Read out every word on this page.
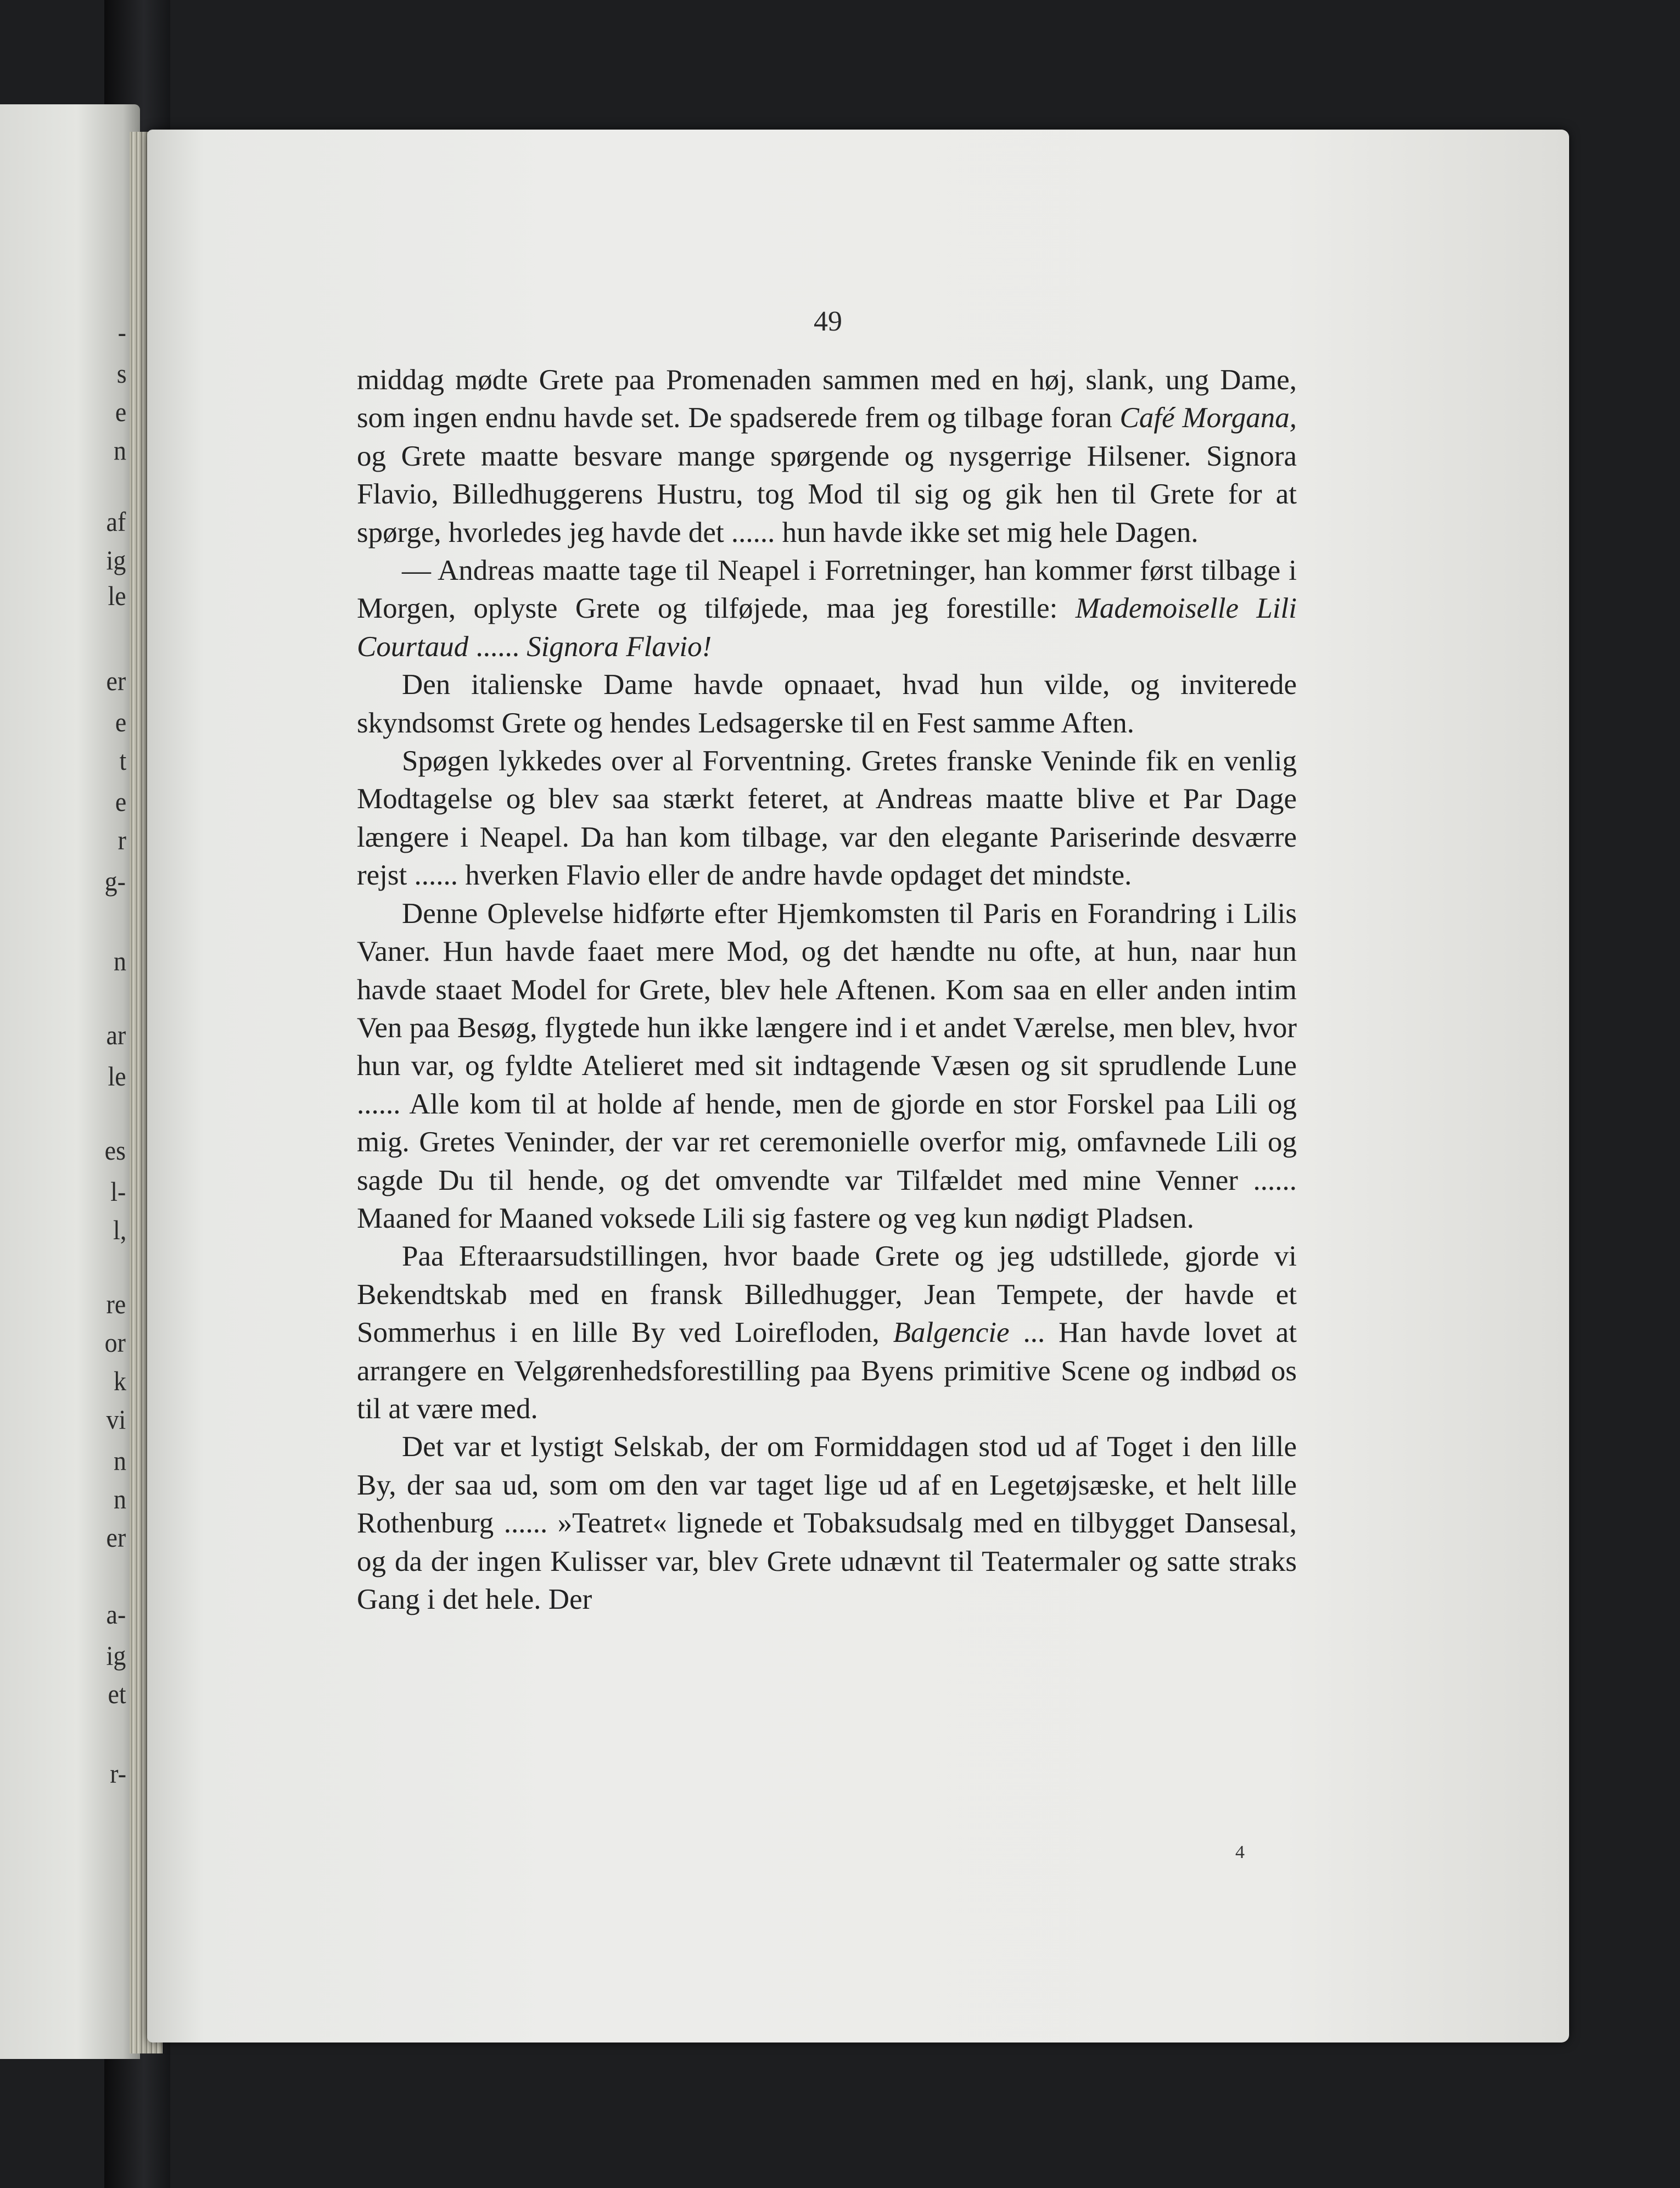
-
s
e
n
af
ig
le
er
e
t
e
r
g-
n
ar
le
es
l-
l,
re
or
k
vi
n
n
er
a-
ig
et
r-
49

middag mødte Grete paa Promenaden sammen med en høj, slank, ung Dame, som ingen endnu havde set. De spadserede frem og tilbage foran Café Morgana, og Grete maatte besvare mange spørgende og nysgerrige Hilsener. Signora Flavio, Billedhuggerens Hustru, tog Mod til sig og gik hen til Grete for at spørge, hvorledes jeg havde det ...... hun havde ikke set mig hele Dagen.

— Andreas maatte tage til Neapel i Forretninger, han kommer først tilbage i Morgen, oplyste Grete og tilføjede, maa jeg forestille: Mademoiselle Lili Courtaud ...... Signora Flavio!

Den italienske Dame havde opnaaet, hvad hun vilde, og inviterede skyndsomst Grete og hendes Ledsagerske til en Fest samme Aften.

Spøgen lykkedes over al Forventning. Gretes franske Veninde fik en venlig Modtagelse og blev saa stærkt feteret, at Andreas maatte blive et Par Dage længere i Neapel. Da han kom tilbage, var den elegante Pariserinde desværre rejst ...... hverken Flavio eller de andre havde opdaget det mindste.

Denne Oplevelse hidførte efter Hjemkomsten til Paris en Forandring i Lilis Vaner. Hun havde faaet mere Mod, og det hændte nu ofte, at hun, naar hun havde staaet Model for Grete, blev hele Aftenen. Kom saa en eller anden intim Ven paa Besøg, flygtede hun ikke længere ind i et andet Værelse, men blev, hvor hun var, og fyldte Atelieret med sit indtagende Væsen og sit sprudlende Lune ...... Alle kom til at holde af hende, men de gjorde en stor Forskel paa Lili og mig. Gretes Veninder, der var ret ceremonielle overfor mig, omfavnede Lili og sagde Du til hende, og det omvendte var Tilfældet med mine Venner ...... Maaned for Maaned voksede Lili sig fastere og veg kun nødigt Pladsen.

Paa Efteraarsudstillingen, hvor baade Grete og jeg udstillede, gjorde vi Bekendtskab med en fransk Billedhugger, Jean Tempete, der havde et Sommerhus i en lille By ved Loirefloden, Balgencie ... Han havde lovet at arrangere en Velgørenhedsforestilling paa Byens primitive Scene og indbød os til at være med.

Det var et lystigt Selskab, der om Formiddagen stod ud af Toget i den lille By, der saa ud, som om den var taget lige ud af en Legetøjsæske, et helt lille Rothenburg ...... »Teatret« lignede et Tobaksudsalg med en tilbygget Dansesal, og da der ingen Kulisser var, blev Grete udnævnt til Teatermaler og satte straks Gang i det hele. Der

4
